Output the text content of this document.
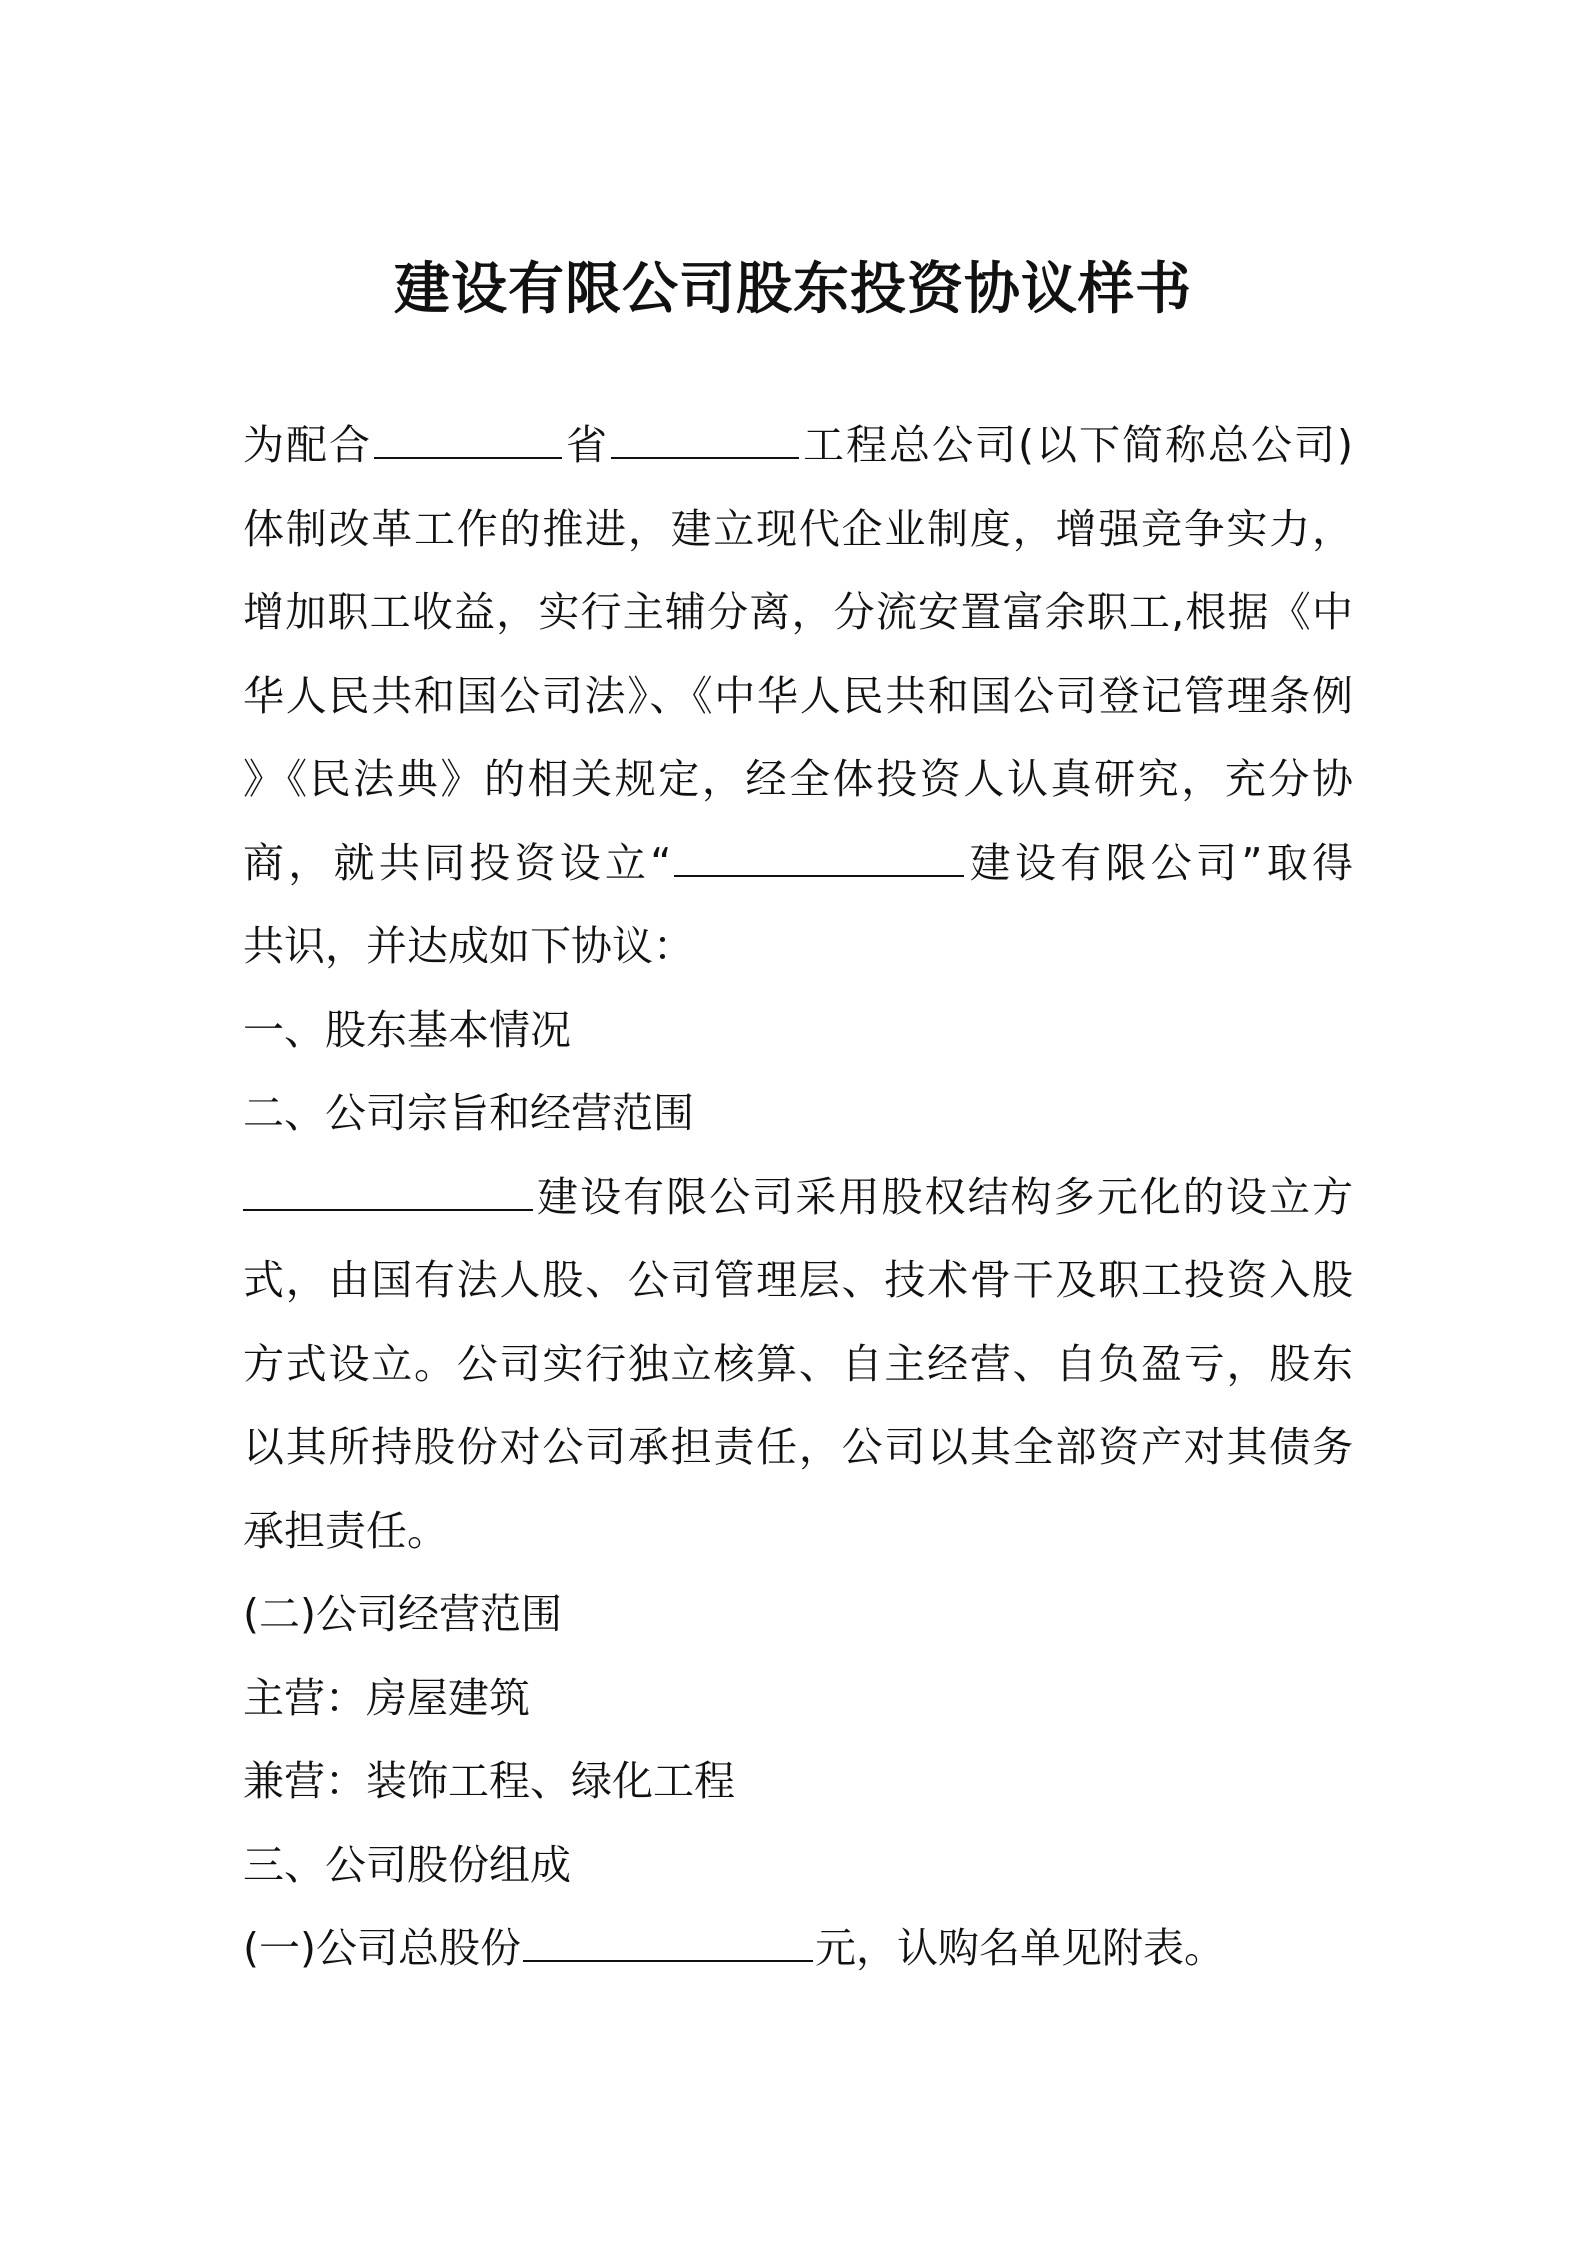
建设有限公司股东投资协议样书

为配合	省	工程总公司(以下简称总公司)

体制改革工作的推进，建立现代企业制度，增强竞争实力，

增加职工收益，实行主辅分离，分流安置富余职工,根据《中

华人民共和国公司法》、《中华人民共和国公司登记管理条例

》《民法典》的相关规定，经全体投资人认真研究，充分协

商，就共同投资设立“	建设有限公司”取得

共识，并达成如下协议：

一、股东基本情况

二、公司宗旨和经营范围

建设有限公司采用股权结构多元化的设立方

式，由国有法人股、公司管理层、技术骨干及职工投资入股

方式设立。公司实行独立核算、自主经营、自负盈亏，股东

以其所持股份对公司承担责任，公司以其全部资产对其债务

承担责任。

(二)公司经营范围

主营：房屋建筑

兼营：装饰工程、绿化工程

三、公司股份组成

(一)公司总股份	元，认购名单见附表。
